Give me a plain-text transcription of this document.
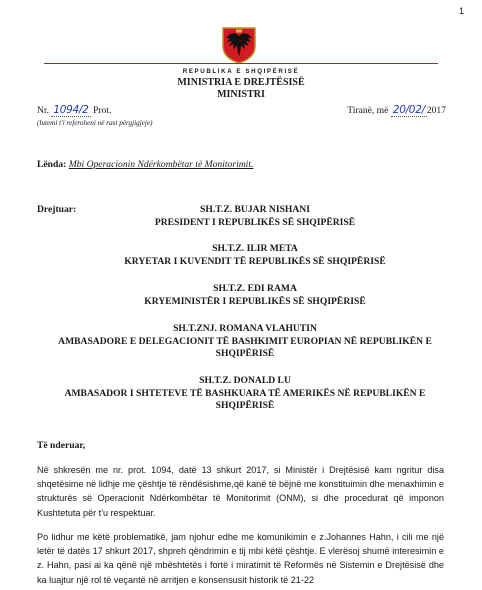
1
REPUBLIKA E SHQIPËRISË
MINISTRIA E DREJTËSISË
MINISTRI
Nr. 1094/2 Prot.
(lutemi t'i referoheni në rast përgjigjeje)
Tiranë, më 20/02/ 2017
Lënda: Mbi Operacionin Ndërkombëtar të Monitorimit.
Drejtuar:	SH.T.Z. BUJAR NISHANI
PRESIDENT I REPUBLIKËS SË SHQIPËRISË
SH.T.Z. ILIR META
KRYETAR I KUVENDIT TË REPUBLIKËS SË SHQIPËRISË
SH.T.Z. EDI RAMA
KRYEMINISTËR I REPUBLIKËS SË SHQIPËRISË
SH.T.ZNJ. ROMANA VLAHUTIN
AMBASADORE E DELEGACIONIT TË BASHKIMIT EUROPIAN NË REPUBLIKËN E SHQIPËRISË
SH.T.Z. DONALD LU
AMBASADOR I SHTETEVE TË BASHKUARA TË AMERIKËS NË REPUBLIKËN E SHQIPËRISË
Të nderuar,
Në shkresën me nr. prot. 1094, datë 13 shkurt 2017, si Ministër i Drejtësisë kam ngritur disa shqetësime në lidhje me çështje të rëndësishme,që kanë të bëjnë me konstituimin dhe menaxhimin e strukturës së Operacionit Ndërkombëtar të Monitorimit (ONM), si dhe procedurat që imponon Kushtetuta për t'u respektuar.
Po lidhur me këtë problematikë, jam njohur edhe me komunikimin e z.Johannes Hahn, i cili me një letër të datës 17 shkurt 2017, shpreh qëndrimin e tij mbi këtë çështje. E vlerësoj shumë interesimin e z. Hahn, pasi ai ka qënë një mbështetës i fortë i miratimit të Reformës në Sistemin e Drejtësisë dhe ka luajtur një rol të veçantë në arritjen e konsensusit historik të 21-22
